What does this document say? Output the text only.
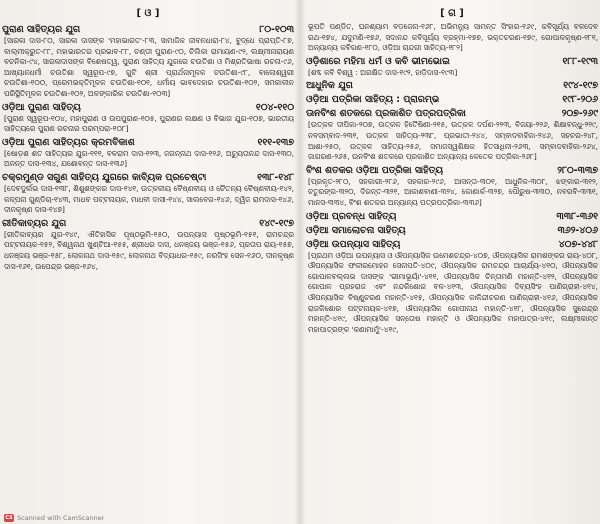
[ ଓ ]
ପୁରାଣ ସାହିତ୍ୟର ଯୁଗ	୮୦-୧୦୩
[ସାରଳା ଦାସ-୮୦, ସାରଳା ଦାସଙ୍କ 'ମହାଭାରତ'-୮୩, ସାମାଜିକ ଜୀବନଧାରା-୮୪, ବୁଦ୍ଧେ ପ୍ରାପ୍ତି-୮୭, ବାଲ୍ମୀକ୍ରୁତ-୮୮, ମହାଭାରତର ପ୍ରଭାବ-୮୮, ଚଣ୍ଡୀ ପୁରାଣ-୯୦, ଚିଲିକା ରାମାୟଣ-୯୨, ଲକ୍ଷ୍ମୀନାରାୟଣ ବଚନିକା-୯୪, ସାରଳାଦାସଙ୍କ ବିଶେଷତ୍ୱ, ପୁରାଣ ସାହିତ୍ୟ ଯୁଗରେ ଚଉତିଶା ଓ ମିଶ୍ରତିଭାଷା ରଚନା-୯୬, ଆଖ୍ୟାନଧର୍ମୀ ଚଉତିଶା ସ୍ୱରୂପ-୯୭, ଗୁଟି ଶ୍ରୀ ପ୍ରାର୍ଥନାମୂଳକ ଚଉତିଶା-୯୮, ବାଲୋଶ୍ୱରୀ ଚଉତିଶା-୧୦୦, ପ୍ରେମଭକ୍ତିମୂଳକ ଚଉତିଶା-୧୦୧, ଧର୍ମୀୟ ଭାବଦେହାର ଚଉତିଶା-୧୦୨, ସମକାଳୀନ ପରିସ୍ଥିତିମୂଳକ ଚଉତିଶା-୧୦୨, ଅଳଙ୍କାରିକ ଚଉତିଶା-୧୦୩]
ଓଡ଼ିଆ ପୁରାଣ ସାହିତ୍ୟ	୧୦୪-୧୧୦
[ପୁରାଣ ସ୍ୱରୂପ-୧୦୪, ମହାପୁରାଣ ଓ ଉପପୁରାଣ-୧୦୫, ପୁରାଣର ଲକ୍ଷଣ ଓ ବିଭାଗ ଯୁଗ-୧୦୭, ଭାରତୀୟ ସାହିତ୍ୟରେ ପୁରାଣ ରଚନାର ପରମ୍ପରା-୧୦୮]
ଓଡ଼ିଆ ପୁରାଣ ସାହିତ୍ୟର କ୍ରମବିକାଶ	୧୧୧-୧୩୭
[ଷୋଡ଼ଶ ଶତ ସାହିତ୍ୟର ଯୁଗ-୧୧୧, ବଳରାମ ଦାସ-୧୨୩, ଜଗନ୍ନାଥ ଦାସ-୧୨୬, ଅଚ୍ୟୁତାନନ୍ଦ ଦାସ-୧୩୦, ଅନନ୍ତ ଦାସ-୧୩୪, ଯଶୋବନ୍ତ ଦାସ-୧୩୬]
ଚକ୍ରମୁଣ୍ଡ ସଗୁଣ ସାହିତ୍ୟ ଯୁଗରେ କାବ୍ୟିକ ପ୍ରଚେଷ୍ଟା	୧୩୮-୧୪୮
[ଦେବଦୁର୍ଲଭ ଦାସ-୧୩୮, ଶିଶୁଶଙ୍କର ଦାସ-୧୪୧, ଉତ୍କଳୀୟ ବୈଷ୍ଣବୀୟ ଓ ଚୈତନ୍ୟ ବୈଷ୍ଣବୀୟ-୧୪୨, କଳ୍ପନା ଗୁଣ୍ଡିଚା-୧୪୩, ମାଧବ ପଟ୍ଟନାୟକ, ମାଧବୀ ଦାସୀ-୧୪୪, ସାଲବେଗ-୧୪୬, ଦ୍ୱିଜ ରାମଦାସ-୧୪୬, ଦୀନକୃଷ୍ଣ ଦାସ-୧୪୭]
ରୀତିକାବ୍ୟର ଯୁଗ	୧୪୯-୧୯୭
[ରୀତିକାବ୍ୟର ଯୁଗ-୧୪୯, ଐତିହାସିକ ପୃଷ୍ଠଭୂମି-୧୫୦, ଉପନ୍ୟାସ ପୃଷ୍ଠଭୂମି-୧୫୧, ରାମଚନ୍ଦ୍ର ପଟ୍ଟନାୟକ-୧୫୨, ବିଶ୍ୱନାଥ ଖୁଣ୍ଟିଆ-୧୫୫, ଶ୍ରୀଧର ଦାସ, ଧନଞ୍ଜୟ ଭଞ୍ଜ-୧୫୬, ପ୍ରତାପ ରାୟ-୧୫୭, ଧନଞ୍ଜୟ ଭଞ୍ଜ-୧୫୮, ଲୋକନାଥ ଦାସ-୧୫୯, ଲୋକନାଥ ବିଦ୍ୟାଧର-୧୫୯, ନରସିଂହ ସେନ-୧୬୦, ଦୀନକୃଷ୍ଣ ଦାସ-୧୬୧, ଉପେନ୍ଦ୍ର ଭଞ୍ଜ-୧୬୪,
[ ଗ ]
ଭୂପତି ପଣ୍ଡିତ, ଘନଶ୍ୟାମ ବଡ଼ଜେନା-୧୬୮, ଅଭିମନ୍ୟୁ ସାମନ୍ତ ସିଂହାର-୧୬୯, କବିସୂର୍ଯ୍ୟ ବଳଦେବ ରଥ-୧୭୪, ଯଦୁମଣି-୧୭୬, ସଦାନନ୍ଦ କବିସୂର୍ଯ୍ୟ ବ୍ରହ୍ମା-୧୭୭, ଭକ୍ତଚରଣ-୧୭୯, ଗୋପାଳକୃଷ୍ଣ-୧୮୧, ଅନ୍ୟାନ୍ୟ କବିଗଣ-୧୮୦, ଓଡ଼ିଆ ଚାନ୍ଦଗୀ ସାହିତ୍ୟ-୧୮୨]
ଓଡ଼ିଶାରେ ମହିମା ଧର୍ମ ଓ କବି ଭୀମଭୋଇ	୧୮୮-୧୯୩
[ଶବ୍ଦ କବି ବିଶ୍ୱ : ଅରକ୍ଷିତ ଦାସ-୧୯୨, ହାଡ଼ିଦାସ-୧୯୩]
ଆଧୁନିକ ଯୁଗ	୧୯୪-୧୯୭
ଓଡ଼ିଆ ପତ୍ରିକା ସାହିତ୍ୟ : ପ୍ରାରମ୍ଭ	୧୯୮-୨୦୬
ଊନବିଂଶ ଶତକରେ ପ୍ରକାଶିତ ପତ୍ରପତ୍ରିକା	୨୦୭-୨୬୯
[ଉତ୍କଳ ଦୀପିକା-୨୦୭, ଉତ୍କଳ ହିତୈଷିଣୀ-୨୧୫, ଉତ୍କଳ ଦର୍ପଣ-୨୨୩, ବିଜୟା-୨୨୬, ଶିକ୍ଷାବନ୍ଧୁ-୨୨୯, ନବସମ୍ବାଦ-୨୩୧, ଉତ୍କଳ ସାହିତ୍ୟ-୨୩୮, ପ୍ରଭାତୀ-୨୪୪, ସମ୍ବାଦବାହିକା-୨୪୬, ସହଚର-୨୪୮, ଆଶା-୨୫୦, ଉତ୍କଳ ସାହିତ୍ୟ-୨୫୬, ସମାଜସ୍ୱଶିକ୍ଷକ ହିତସାଧିନୀ-୨୬୩, ସମ୍ବାଦବାହିକା-୨୬୪, ଜାଗରଣ-୨୬୫, ଉନବିଂଶ ଶତକରେ ପ୍ରକାଶିତ ଅନ୍ୟାନ୍ୟ କେତେକ ପତ୍ରିକା-୨୬୮]
ବିଂଶ ଶତକର ଓଡ଼ିଆ ପତ୍ରିକା ସାହିତ୍ୟ	୨୮୦-୩୩୭
[ପ୍ରକୃତ-୨୮୦, ସହକାରୀ-୨୮୬, ସହକାର-୨୯୬, ଆସନ୍ତା-୩୦୧, ଆଧୁନିକ-୩୦୮, ଝଙ୍କାର-୩୧୨, ଚତୁରଙ୍ଗ-୩୨୦, ଦିଗନ୍ତ-୩୨୧, ଆକାଶବାଣୀ-୩୨୪, କୋଣାର୍କ-୩୨୭, ପୌରୁଷ-୩୩୦, ନବରବି-୩୩୧, ମାନସ-୩୩୪, ବିଂଶ ଶତକର ଅନ୍ୟାନ୍ୟ ପତ୍ରପତ୍ରିକା-୩୩୬]
ଓଡ଼ିଆ ପ୍ରବନ୍ଧ ସାହିତ୍ୟ	୩୩୮-୩୬୧
ଓଡ଼ିଆ ସମାଲୋଚନା ସାହିତ୍ୟ	୩୬୨-୪୦୬
ଓଡ଼ିଆ ଉପନ୍ୟାସ ସାହିତ୍ୟ	୪୦୭-୪୪୮
[ପ୍ରଥମ ଓଡ଼ିଆ ଉପନ୍ୟାସ ଓ ଔପନ୍ୟାସିକ ଉମେଶଚନ୍ଦ୍ର-୪୦୭, ଔପନ୍ୟାସିକ ରାମଶଙ୍କର ରାୟ-୪୦୮, ଔପନ୍ୟାସିକ ଫକୀରମୋହନ ସେନାପତି-୪୦୯, ଔପନ୍ୟାସିକ ରାମଚନ୍ଦ୍ର ଆଚାର୍ଯ୍ୟ-୪୧୦, ଔପନ୍ୟାସିକ ଗୋପାଳବଲ୍ଲଭ ଦାସଙ୍କ 'ଭୀମାଭୂୟାଁ'-୪୧୧, ଔପନ୍ୟାସିକ ଚିନ୍ତାମଣି ମହାନ୍ତି-୪୧୨, ଔପନ୍ୟାସିକ ଗୋପାଳ ପ୍ରହରାଜ ଏବଂ ନନ୍ଦକିଶୋର ବଳ-୪୧୩, ଔପନ୍ୟାସିକ ଦିବ୍ୟସିଂହ ପାଣିଗ୍ରାହୀ-୪୧୪, ଔପନ୍ୟାସିକ ବିଷ୍ଣୁଚରଣ ମହାନ୍ତି-୪୧୫, ଔପନ୍ୟାସିକ କାଳିନ୍ଦୀଚରଣ ପାଣିଗ୍ରାହୀ-୪୧୬, ଔପନ୍ୟାସିକ ରାଜକିଶୋର ପଟ୍ଟନାୟକ-୪୧୭, ଔପନ୍ୟାସିକ ଗୋପୀନାଥ ମହାନ୍ତି-୪୧୮, ଔପନ୍ୟାସିକ ସୁରେନ୍ଦ୍ର ମହାନ୍ତି-୪୧୯, ଔପନ୍ୟାସିକ ସନ୍ତୋଷ ମହାନ୍ତି ଓ ଔପନ୍ୟାସିକ ମହାପାତ୍ର-୪୧୯, ଲକ୍ଷ୍ମୀକାନ୍ତ ମହାପାତ୍ରଙ୍କ 'କଣାମାମୁଁ'-୪୧୯,
CS Scanned with CamScanner
